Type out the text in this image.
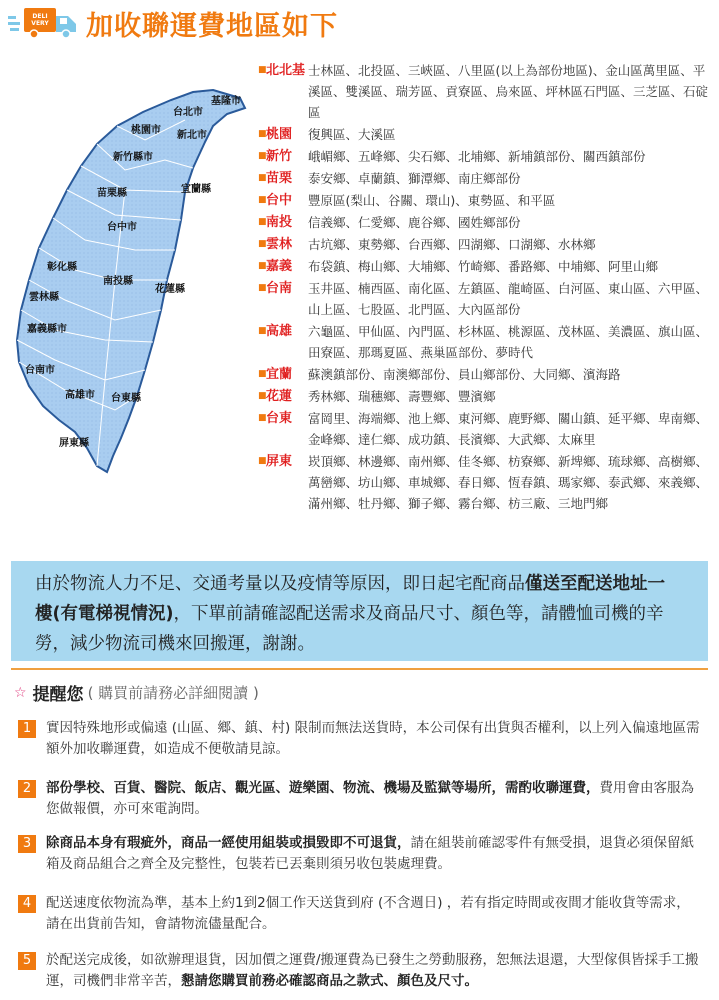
DELI
VERY 加收聯運費地區如下
基隆市
台北市
桃園市 新北市
新竹縣市
苗栗縣	宜蘭縣
台中市
彰化縣
南投縣
花蓮縣
雲林縣
嘉義縣市
台南市
高雄市 台東縣
屏東縣
■ 北北基 士林區、北投區、三峽區、八里區(以上為部份地區)、金山區萬里區、平溪區、雙溪區、瑞芳區、貢寮區、烏來區、坪林區石門區、三芝區、石碇區
■ 桃園	復興區、大溪區
■ 新竹	峨嵋鄉、五峰鄉、尖石鄉、北埔鄉、新埔鎮部份、關西鎮部份
■ 苗栗	泰安鄉、卓蘭鎮、獅潭鄉、南庄鄉部份
■ 台中	豐原區(梨山、谷關、環山)、東勢區、和平區
■ 南投	信義鄉、仁愛鄉、鹿谷鄉、國姓鄉部份
■ 雲林	古坑鄉、東勢鄉、台西鄉、四湖鄉、口湖鄉、水林鄉
■ 嘉義	布袋鎮、梅山鄉、大埔鄉、竹崎鄉、番路鄉、中埔鄉、阿里山鄉
■ 台南	玉井區、楠西區、南化區、左鎮區、龍崎區、白河區、東山區、六甲區、山上區、七股區、北門區、大內區部份
■ 高雄	六龜區、甲仙區、內門區、杉林區、桃源區、茂林區、美濃區、旗山區、田寮區、那瑪夏區、燕巢區部份、夢時代
■ 宜蘭	蘇澳鎮部份、南澳鄉部份、員山鄉部份、大同鄉、濱海路
■ 花蓮	秀林鄉、瑞穗鄉、壽豐鄉、豐濱鄉
■ 台東	富岡里、海端鄉、池上鄉、東河鄉、鹿野鄉、關山鎮、延平鄉、卑南鄉、金峰鄉、達仁鄉、成功鎮、長濱鄉、大武鄉、太麻里
■ 屏東	崁頂鄉、林邊鄉、南州鄉、佳冬鄉、枋寮鄉、新埤鄉、琉球鄉、高樹鄉、萬巒鄉、坊山鄉、車城鄉、春日鄉、恆春鎮、瑪家鄉、泰武鄉、來義鄉、滿州鄉、牡丹鄉、獅子鄉、霧台鄉、枋三廠、三地門鄉

由於物流人力不足、交通考量以及疫情等原因，即日起宅配商品僅送至配送地址一樓(有電梯視情況)，下單前請確認配送需求及商品尺寸、顏色等，請體恤司機的辛勞，減少物流司機來回搬運，謝謝。

☆ 提醒您 ( 購買前請務必詳細閱讀 )
1	實因特殊地形或偏遠 (山區、鄉、鎮、村) 限制而無法送貨時，本公司保有出貨與否權利，以上列入偏遠地區需額外加收聯運費，如造成不便敬請見諒。
2	部份學校、百貨、醫院、飯店、觀光區、遊樂園、物流、機場及監獄等場所，需酌收聯運費，費用會由客服為您做報價，亦可來電詢問。
3	除商品本身有瑕疵外，商品一經使用組裝或損毀即不可退貨，請在組裝前確認零件有無受損，退貨必須保留紙箱及商品組合之齊全及完整性，包裝若已丟棄則須另收包裝處理費。
4	配送速度依物流為準，基本上約1到2個工作天送貨到府 (不含週日) ，若有指定時間或夜間才能收貨等需求，請在出貨前告知，會請物流儘量配合。
5	於配送完成後，如欲辦理退貨，因加價之運費/搬運費為已發生之勞動服務，恕無法退還，大型傢俱皆採手工搬運，司機們非常辛苦，懇請您購買前務必確認商品之款式、顏色及尺寸。
